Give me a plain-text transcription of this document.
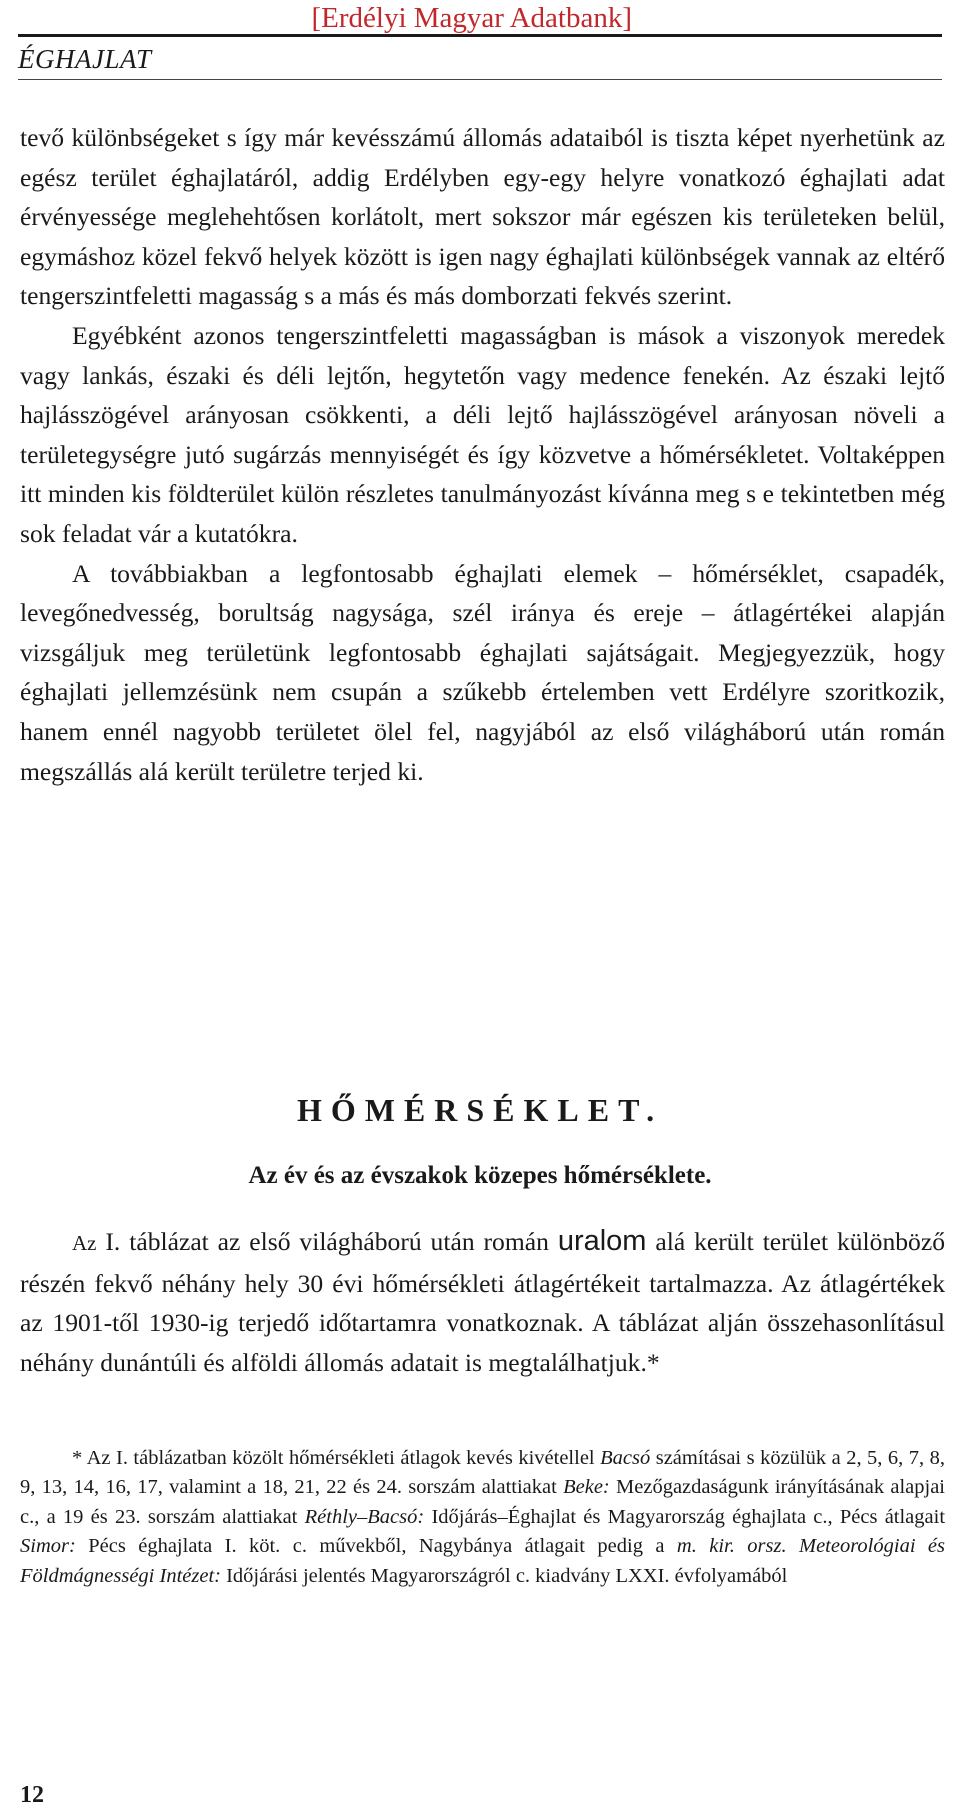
[Erdélyi Magyar Adatbank]
ÉGHAJLAT

tevő különbségeket s így már kevésszámú állomás adataiból is tiszta képet nyerhetünk az egész terület éghajlatáról, addig Erdélyben egy-egy helyre vonatkozó éghajlati adat érvényessége meglehehtősen korlátolt, mert sokszor már egészen kis területeken belül, egymáshoz közel fekvő helyek között is igen nagy éghajlati különbségek vannak az eltérő tengerszintfeletti magasság s a más és más domborzati fekvés szerint.

Egyébként azonos tengerszintfeletti magasságban is mások a viszonyok meredek vagy lankás, északi és déli lejtőn, hegytetőn vagy medence fenekén. Az északi lejtő hajlásszögével arányosan csökkenti, a déli lejtő hajlásszögével arányosan növeli a területegységre jutó sugárzás mennyiségét és így közvetve a hőmérsékletet. Voltaképpen itt minden kis földterület külön részletes tanulmányozást kívánna meg s e tekintetben még sok feladat vár a kutatókra.

A továbbiakban a legfontosabb éghajlati elemek – hőmérséklet, csapadék, levegőnedvesség, borultság nagysága, szél iránya és ereje – átlagértékei alapján vizsgáljuk meg területünk legfontosabb éghajlati sajátságait. Megjegyezzük, hogy éghajlati jellemzésünk nem csupán a szűkebb értelemben vett Erdélyre szoritkozik, hanem ennél nagyobb területet ölel fel, nagyjából az első világháború után román megszállás alá került területre terjed ki.

HŐMÉRSÉKLET.
Az év és az évszakok közepes hőmérséklete.

Az I. táblázat az első világháború után román uralom alá került terület különböző részén fekvő néhány hely 30 évi hőmérsékleti átlagértékeit tartalmazza. Az átlagértékek az 1901-től 1930-ig terjedő időtartamra vonatkoznak. A táblázat alján összehasonlításul néhány dunántúli és alföldi állomás adatait is megtalálhatjuk.*

* Az I. táblázatban közölt hőmérsékleti átlagok kevés kivétellel Bacsó számításai s közülük a 2, 5, 6, 7, 8, 9, 13, 14, 16, 17, valamint a 18, 21, 22 és 24. sorszám alattiakat Beke: Mezőgazdaságunk irányításának alapjai c., a 19 és 23. sorszám alattiakat Réthly–Bacsó: Időjárás–Éghajlat és Magyarország éghajlata c., Pécs átlagait Simor: Pécs éghajlata I. köt. c. művekből, Nagybánya átlagait pedig a m. kir. orsz. Meteorológiai és Földmágnességi Intézet: Időjárási jelentés Magyarországról c. kiadvány LXXI. évfolyamából

12
